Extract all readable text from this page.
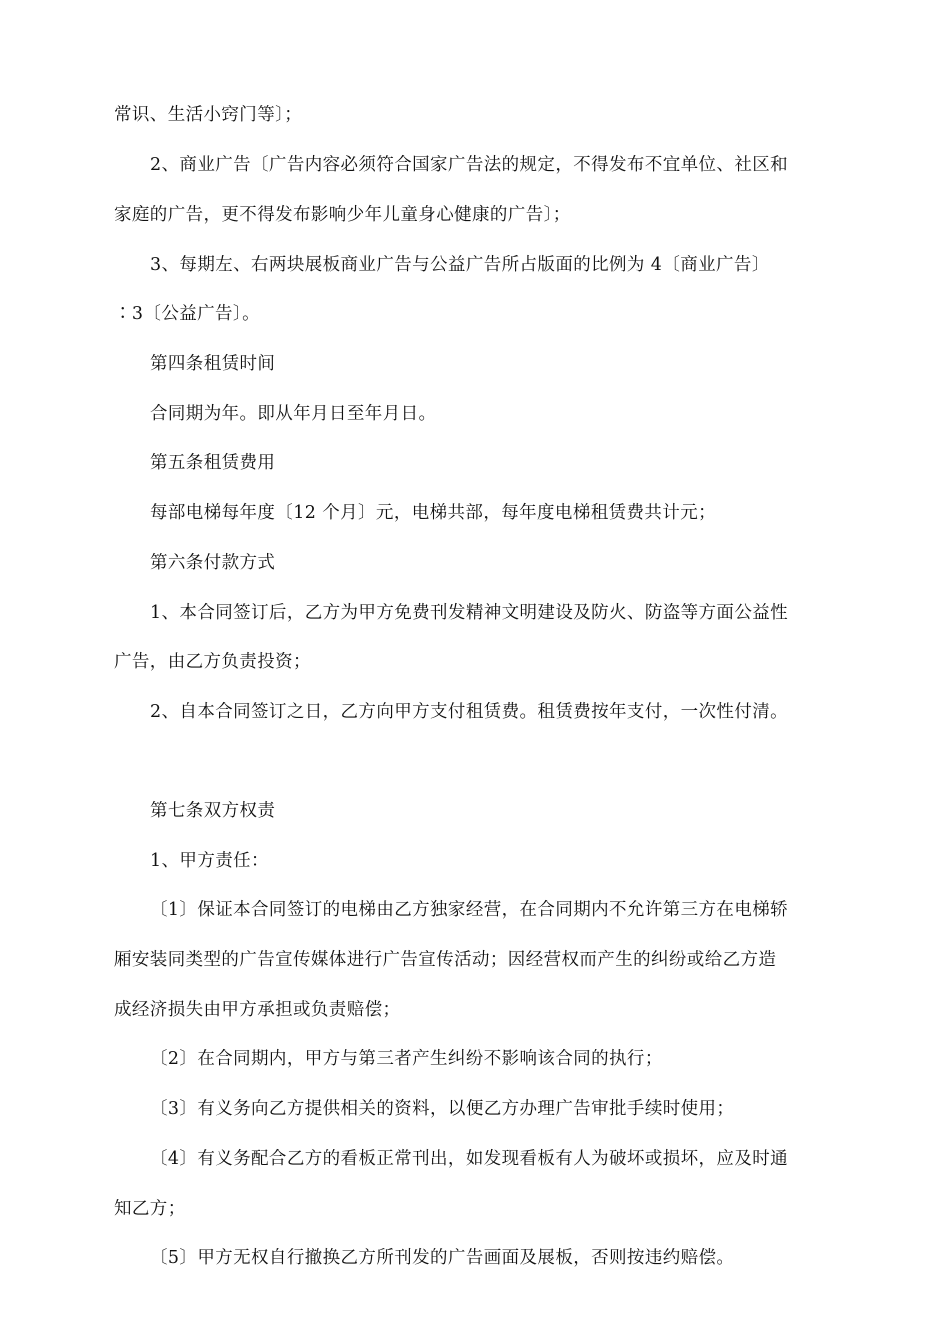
常识、生活小窍门等〕；
2、商业广告〔广告内容必须符合国家广告法的规定，不得发布不宜单位、社区和
家庭的广告，更不得发布影响少年儿童身心健康的广告〕；
3、每期左、右两块展板商业广告与公益广告所占版面的比例为 4〔商业广告〕
∶3〔公益广告〕。
第四条租赁时间
合同期为年。即从年月日至年月日。
第五条租赁费用
每部电梯每年度〔12 个月〕元，电梯共部，每年度电梯租赁费共计元；
第六条付款方式
1、本合同签订后，乙方为甲方免费刊发精神文明建设及防火、防盗等方面公益性
广告，由乙方负责投资；
2、自本合同签订之日，乙方向甲方支付租赁费。租赁费按年支付，一次性付清。
第七条双方权责
1、甲方责任：
〔1〕保证本合同签订的电梯由乙方独家经营，在合同期内不允许第三方在电梯轿
厢安装同类型的广告宣传媒体进行广告宣传活动；因经营权而产生的纠纷或给乙方造
成经济损失由甲方承担或负责赔偿；
〔2〕在合同期内，甲方与第三者产生纠纷不影响该合同的执行；
〔3〕有义务向乙方提供相关的资料，以便乙方办理广告审批手续时使用；
〔4〕有义务配合乙方的看板正常刊出，如发现看板有人为破坏或损坏，应及时通
知乙方；
〔5〕甲方无权自行撤换乙方所刊发的广告画面及展板，否则按违约赔偿。
